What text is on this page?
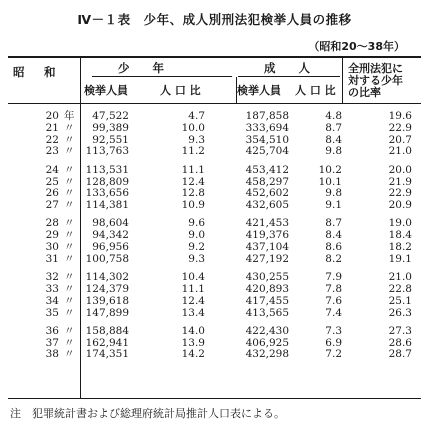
Ⅳ－１表　少年、成人別刑法犯検挙人員の推移
（昭和20～38年）
昭　和	少　　年	成　　人
検挙人員	人 口 比	検挙人員 人 口 比
全刑法犯に
対する少年
の比率
20 年 47,522	4.7	187,858	4.8	19.6
21 〃 99,389	10.0	333,694	8.7	22.9
22 〃 92,551	9.3	354,510	8.4	20.7
23 〃 113,763	11.2	425,704	9.8	21.0
24 〃 113,531	11.1	453,412	10.2	20.0
25 〃 128,809	12.4	458,297	10.1	21.9
26 〃 133,656	12.8	452,602	9.8	22.9
27 〃 114,381	10.9	432,605	9.1	20.9
28 〃 98,604	9.6	421,453	8.7	19.0
29 〃 94,342	9.0	419,376	8.4	18.4
30 〃 96,956	9.2	437,104	8.6	18.2
31 〃 100,758	9.3	427,192	8.2	19.1
32 〃 114,302	10.4	430,255	7.9	21.0
33 〃 124,379	11.1	420,893	7.8	22.8
34 〃 139,618	12.4	417,455	7.6	25.1
35 〃 147,899	13.4	413,565	7.4	26.3
36 〃 158,884	14.0	422,430	7.3	27.3
37 〃 162,941	13.9	406,925	6.9	28.6
38 〃 174,351	14.2	432,298	7.2	28.7
注　犯罪統計書および総理府統計局推計人口表による。
